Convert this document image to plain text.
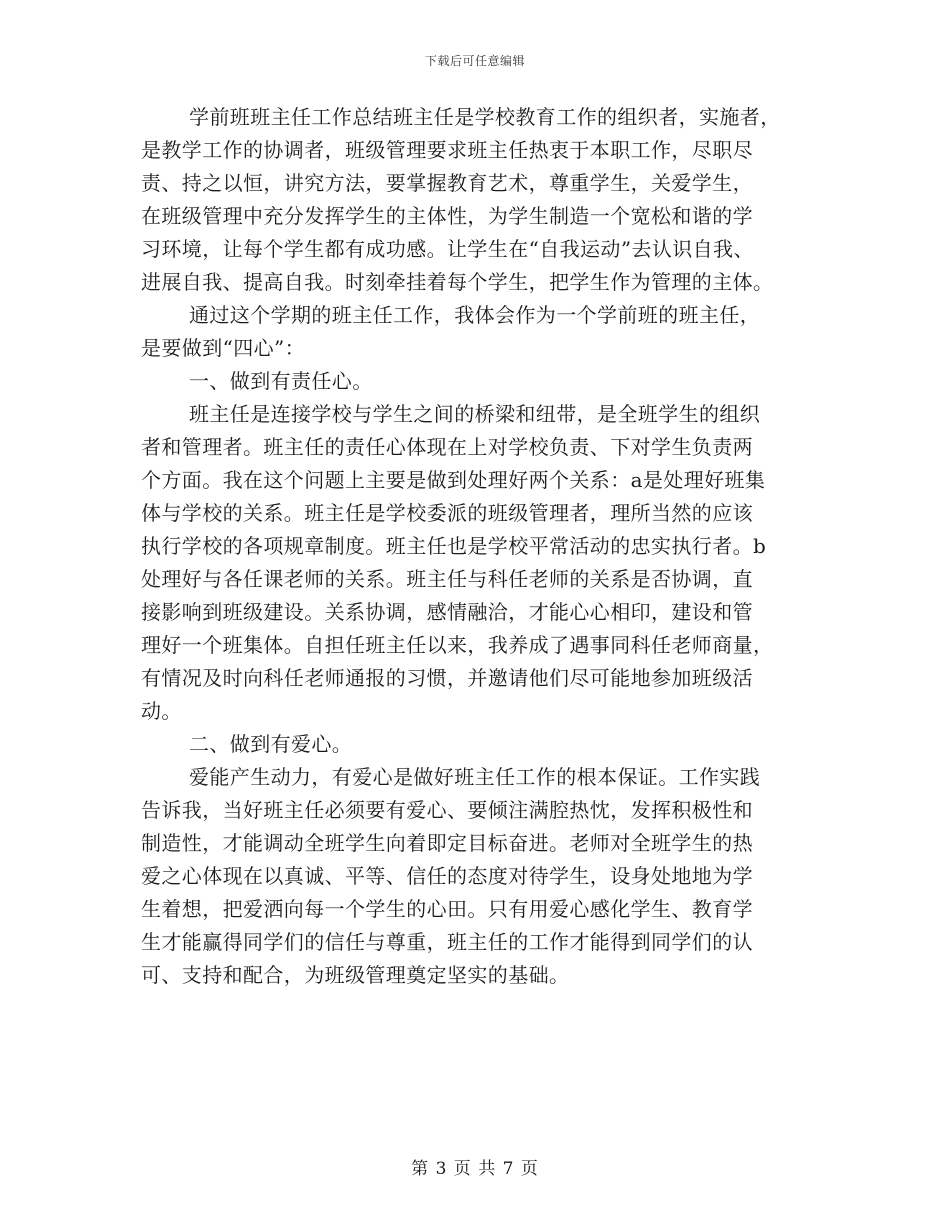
下载后可任意编辑
学前班班主任工作总结班主任是学校教育工作的组织者，实施者，
是教学工作的协调者，班级管理要求班主任热衷于本职工作，尽职尽
责、持之以恒，讲究方法，要掌握教育艺术，尊重学生，关爱学生，
在班级管理中充分发挥学生的主体性，为学生制造一个宽松和谐的学
习环境，让每个学生都有成功感。让学生在“自我运动”去认识自我、
进展自我、提高自我。时刻牵挂着每个学生，把学生作为管理的主体。
通过这个学期的班主任工作，我体会作为一个学前班的班主任，
是要做到“四心”：
一、做到有责任心。
班主任是连接学校与学生之间的桥梁和纽带，是全班学生的组织
者和管理者。班主任的责任心体现在上对学校负责、下对学生负责两
个方面。我在这个问题上主要是做到处理好两个关系：a是处理好班集
体与学校的关系。班主任是学校委派的班级管理者，理所当然的应该
执行学校的各项规章制度。班主任也是学校平常活动的忠实执行者。b
处理好与各任课老师的关系。班主任与科任老师的关系是否协调，直
接影响到班级建设。关系协调，感情融洽，才能心心相印，建设和管
理好一个班集体。自担任班主任以来，我养成了遇事同科任老师商量，
有情况及时向科任老师通报的习惯，并邀请他们尽可能地参加班级活
动。
二、做到有爱心。
爱能产生动力，有爱心是做好班主任工作的根本保证。工作实践
告诉我，当好班主任必须要有爱心、要倾注满腔热忱，发挥积极性和
制造性，才能调动全班学生向着即定目标奋进。老师对全班学生的热
爱之心体现在以真诚、平等、信任的态度对待学生，设身处地地为学
生着想，把爱洒向每一个学生的心田。只有用爱心感化学生、教育学
生才能赢得同学们的信任与尊重，班主任的工作才能得到同学们的认
可、支持和配合，为班级管理奠定坚实的基础。
第 3 页 共 7 页
